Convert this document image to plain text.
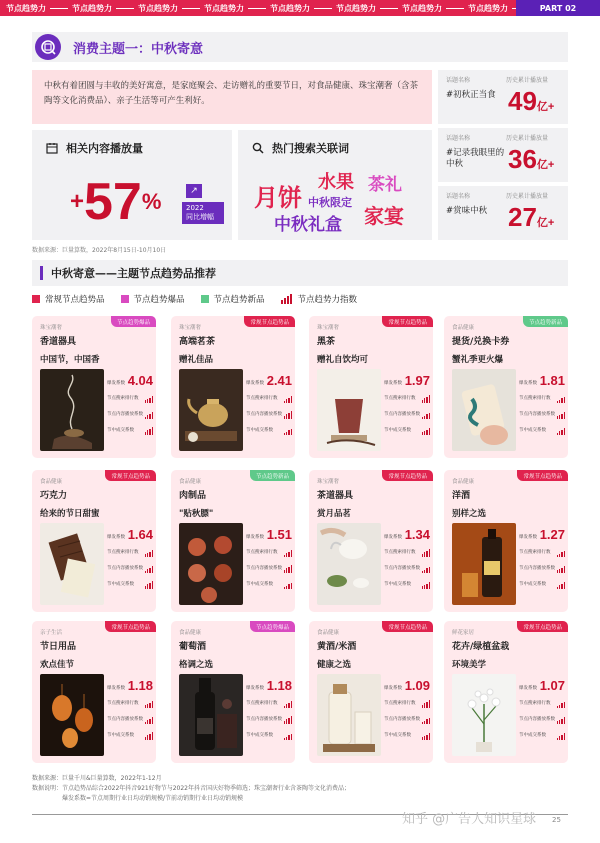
节点趋势力	节点趋势力	节点趋势力	节点趋势力	节点趋势力	节点趋势力	节点趋势力	节点趋势力	PART 02
消费主题一：中秋寄意
中秋有着团圆与丰收的美好寓意，是家庭聚会、走访赠礼的重要节日，对食品健康、珠宝潮奢（含茶陶等文化消费品）、亲子生活等可产生利好。
话题名称	历史累计播放量
#初秋正当食 49亿+
话题名称	历史累计播放量
#记录我眼里的中秋	36亿+
话题名称	历史累计播放量
#赏味中秋 27亿+
相关内容播放量
+57%	↗
2022
同比增幅
热门搜索关联词
月饼
水果 茶礼
中秋限定
中秋礼盒 家宴
数据来源：巨量算数，2022年8月15日-10月10日
中秋寄意——主题节点趋势品推荐
常规节点趋势品	节点趋势爆品	节点趋势新品	节点趋势力指数
节点趋势爆品
珠宝潮奢
香道器具
中国节，中国香
爆发系数 4.04
节点搜索排行数
节点内容播放系数
节中成交系数
常规节点趋势品
珠宝潮奢
高端茗茶
赠礼佳品
爆发系数 2.41
节点搜索排行数
节点内容播放系数
节中成交系数
常规节点趋势品
珠宝潮奢
黑茶
赠礼自饮均可
爆发系数 1.97
节点搜索排行数
节点内容播放系数
节中成交系数
节点趋势新品
食品健康
提货/兑换卡券
蟹礼季更火爆
爆发系数 1.81
节点搜索排行数
节点内容播放系数
节中成交系数
常规节点趋势品
食品健康
巧克力
给来的节日甜蜜
爆发系数 1.64
节点搜索排行数
节点内容播放系数
节中成交系数
节点趋势新品
食品健康
肉制品
"贴秋膘"
爆发系数 1.51
节点搜索排行数
节点内容播放系数
节中成交系数
常规节点趋势品
珠宝潮奢
茶道器具
赏月品茗
爆发系数 1.34
节点搜索排行数
节点内容播放系数
节中成交系数
常规节点趋势品
食品健康
洋酒
别样之选
爆发系数 1.27
节点搜索排行数
节点内容播放系数
节中成交系数
常规节点趋势品
亲子生活
节日用品
欢点佳节
爆发系数 1.18
节点搜索排行数
节点内容播放系数
节中成交系数
节点趋势爆品
食品健康
葡萄酒
格调之选
爆发系数 1.18
节点搜索排行数
节点内容播放系数
节中成交系数
常规节点趋势品
食品健康
黄酒/米酒
健康之选
爆发系数 1.09
节点搜索排行数
节点内容播放系数
节中成交系数
常规节点趋势品
鲜花家居
花卉/绿植盆栽
环境美学
爆发系数 1.07
节点搜索排行数
节点内容播放系数
节中成交系数
数据来源：巨量千川&巨量算数，2022年1-12月
数据说明：节点趋势品综合2022年抖音921好物节与2022年抖音国庆好物季筛选；珠宝潮奢行业含茶陶等文化消费品；
爆发系数=节点周期行业日均动销规模/节前动销期行业日均动销规模
知乎 @广告人知识星球 25
